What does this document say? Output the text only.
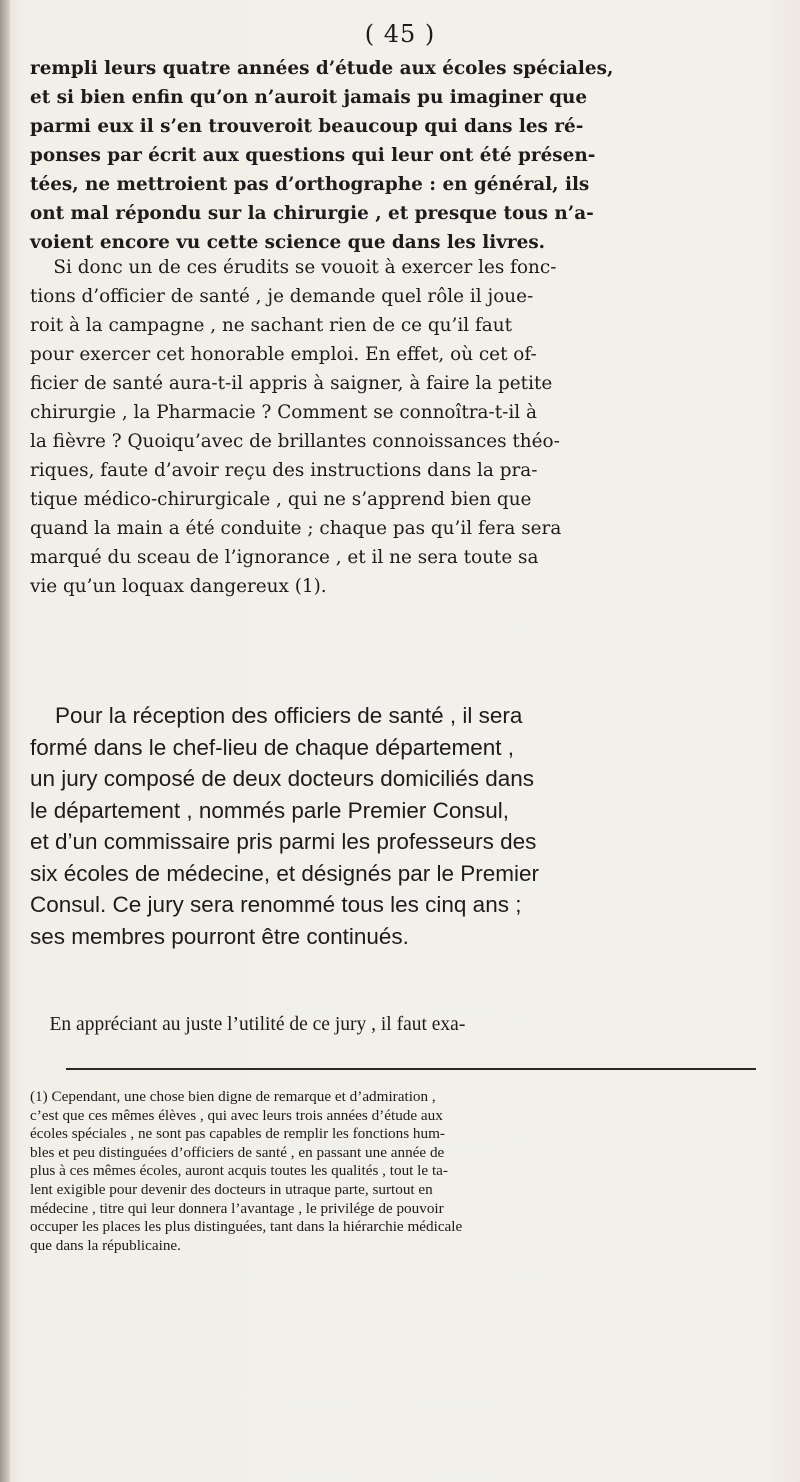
( 45 )
rempli leurs quatre années d’étude aux écoles spéciales,
et si bien enfin qu’on n’auroit jamais pu imaginer que
parmi eux il s’en trouveroit beaucoup qui dans les ré-
ponses par écrit aux questions qui leur ont été présen-
tées, ne mettroient pas d’orthographe : en général, ils
ont mal répondu sur la chirurgie , et presque tous n’a-
voient encore vu cette science que dans les livres.
Si donc un de ces érudits se vouoit à exercer les fonc-
tions d’officier de santé , je demande quel rôle il joue-
roit à la campagne , ne sachant rien de ce qu’il faut
pour exercer cet honorable emploi. En effet, où cet of-
ficier de santé aura-t-il appris à saigner, à faire la petite
chirurgie , la Pharmacie ? Comment se connoîtra-t-il à
la fièvre ? Quoiqu’avec de brillantes connoissances théo-
riques, faute d’avoir reçu des instructions dans la pra-
tique médico-chirurgicale , qui ne s’apprend bien que
quand la main a été conduite ; chaque pas qu’il fera sera
marqué du sceau de l’ignorance , et il ne sera toute sa
vie qu’un loquax dangereux (1).
Pour la réception des officiers de santé , il sera
formé dans le chef-lieu de chaque département ,
un jury composé de deux docteurs domiciliés dans
le département , nommés parle Premier Consul,
et d’un commissaire pris parmi les professeurs des
six écoles de médecine, et désignés par le Premier
Consul. Ce jury sera renommé tous les cinq ans ;
ses membres pourront être continués.
En appréciant au juste l’utilité de ce jury , il faut exa-
(1) Cependant, une chose bien digne de remarque et d’admiration ,
c’est que ces mêmes élèves , qui avec leurs trois années d’étude aux
écoles spéciales , ne sont pas capables de remplir les fonctions hum-
bles et peu distinguées d’officiers de santé , en passant une année de
plus à ces mêmes écoles, auront acquis toutes les qualités , tout le ta-
lent exigible pour devenir des docteurs in utraque parte, surtout en
médecine , titre qui leur donnera l’avantage , le privilége de pouvoir
occuper les places les plus distinguées, tant dans la hiérarchie médicale
que dans la républicaine.
